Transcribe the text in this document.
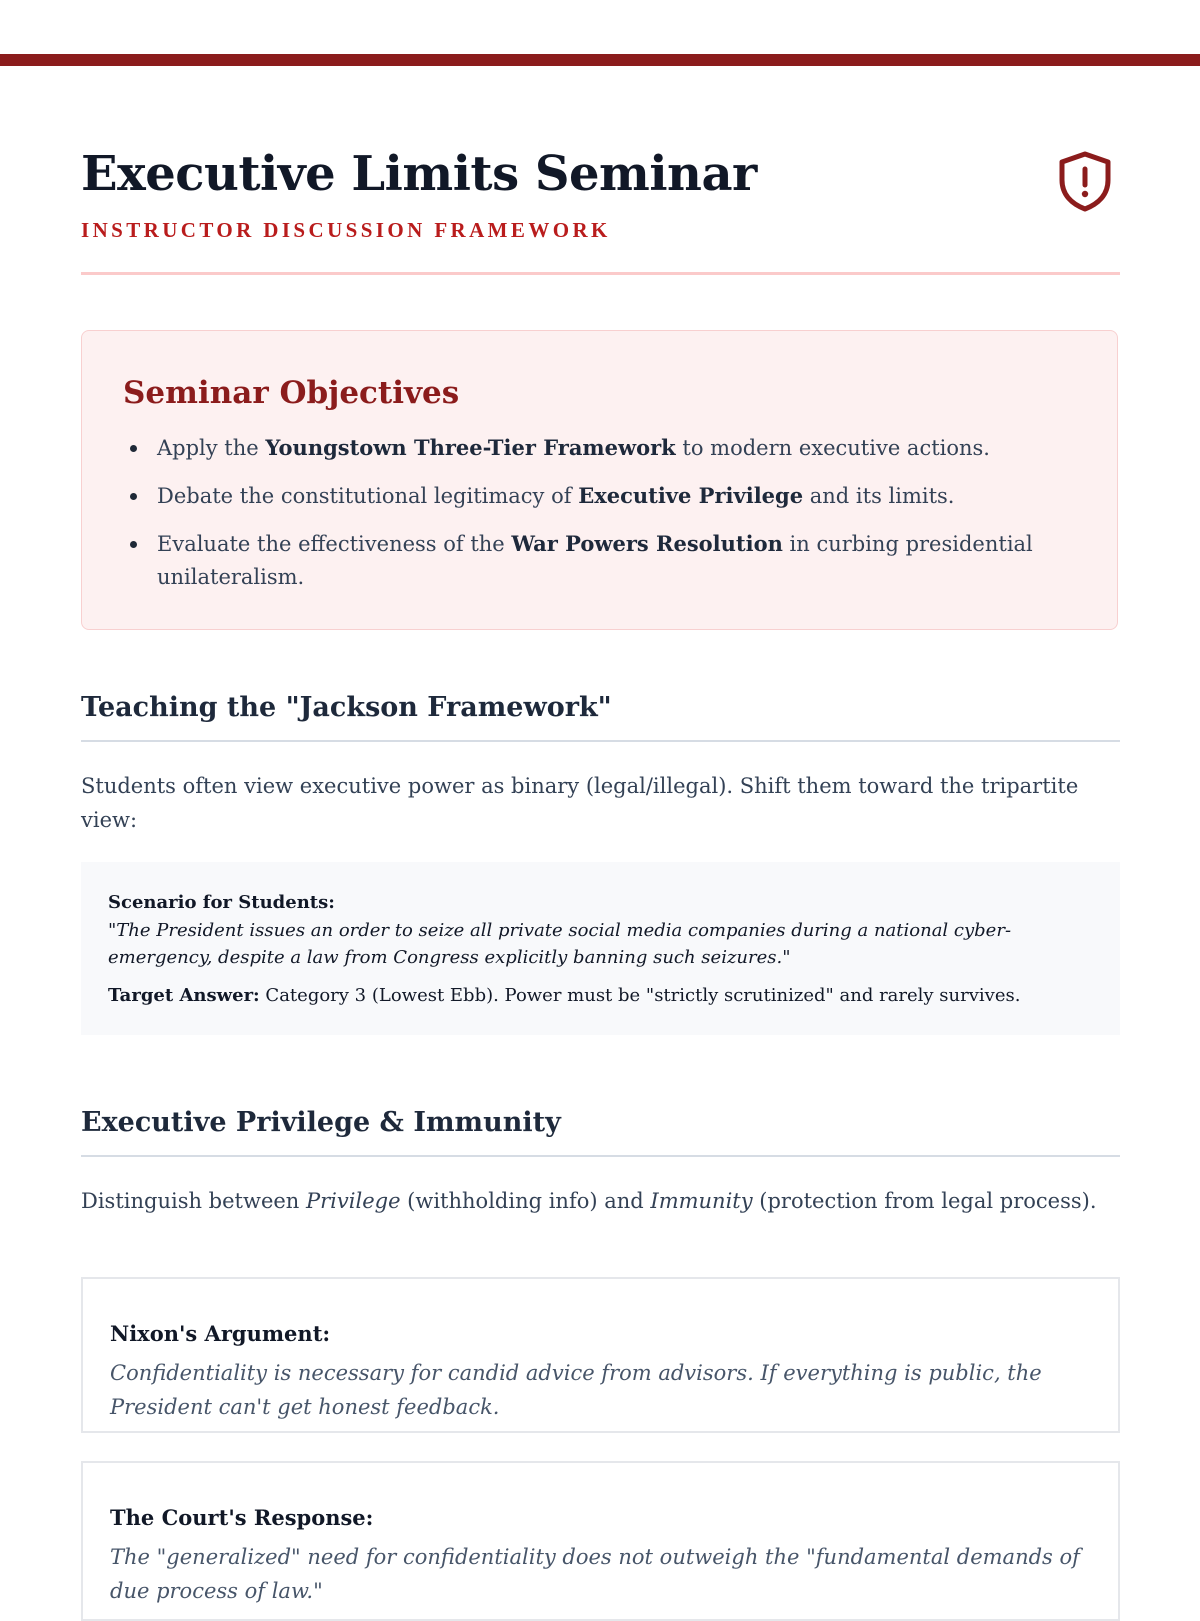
Executive Limits Seminar

INSTRUCTOR DISCUSSION FRAMEWORK

Seminar Objectives
Apply the Youngstown Three-Tier Framework to modern executive actions.
Debate the constitutional legitimacy of Executive Privilege and its limits.
Evaluate the effectiveness of the War Powers Resolution in curbing presidential unilateralism.
Teaching the "Jackson Framework"

Students often view executive power as binary (legal/illegal). Shift them toward the tripartite view:

Scenario for Students:

"The President issues an order to seize all private social media companies during a national cyber-emergency, despite a law from Congress explicitly banning such seizures."

Target Answer: Category 3 (Lowest Ebb). Power must be "strictly scrutinized" and rarely survives.

Executive Privilege & Immunity

Distinguish between Privilege (withholding info) and Immunity (protection from legal process).

Nixon's Argument:

Confidentiality is necessary for candid advice from advisors. If everything is public, the President can't get honest feedback.

The Court's Response:

The "generalized" need for confidentiality does not outweigh the "fundamental demands of due process of law."
